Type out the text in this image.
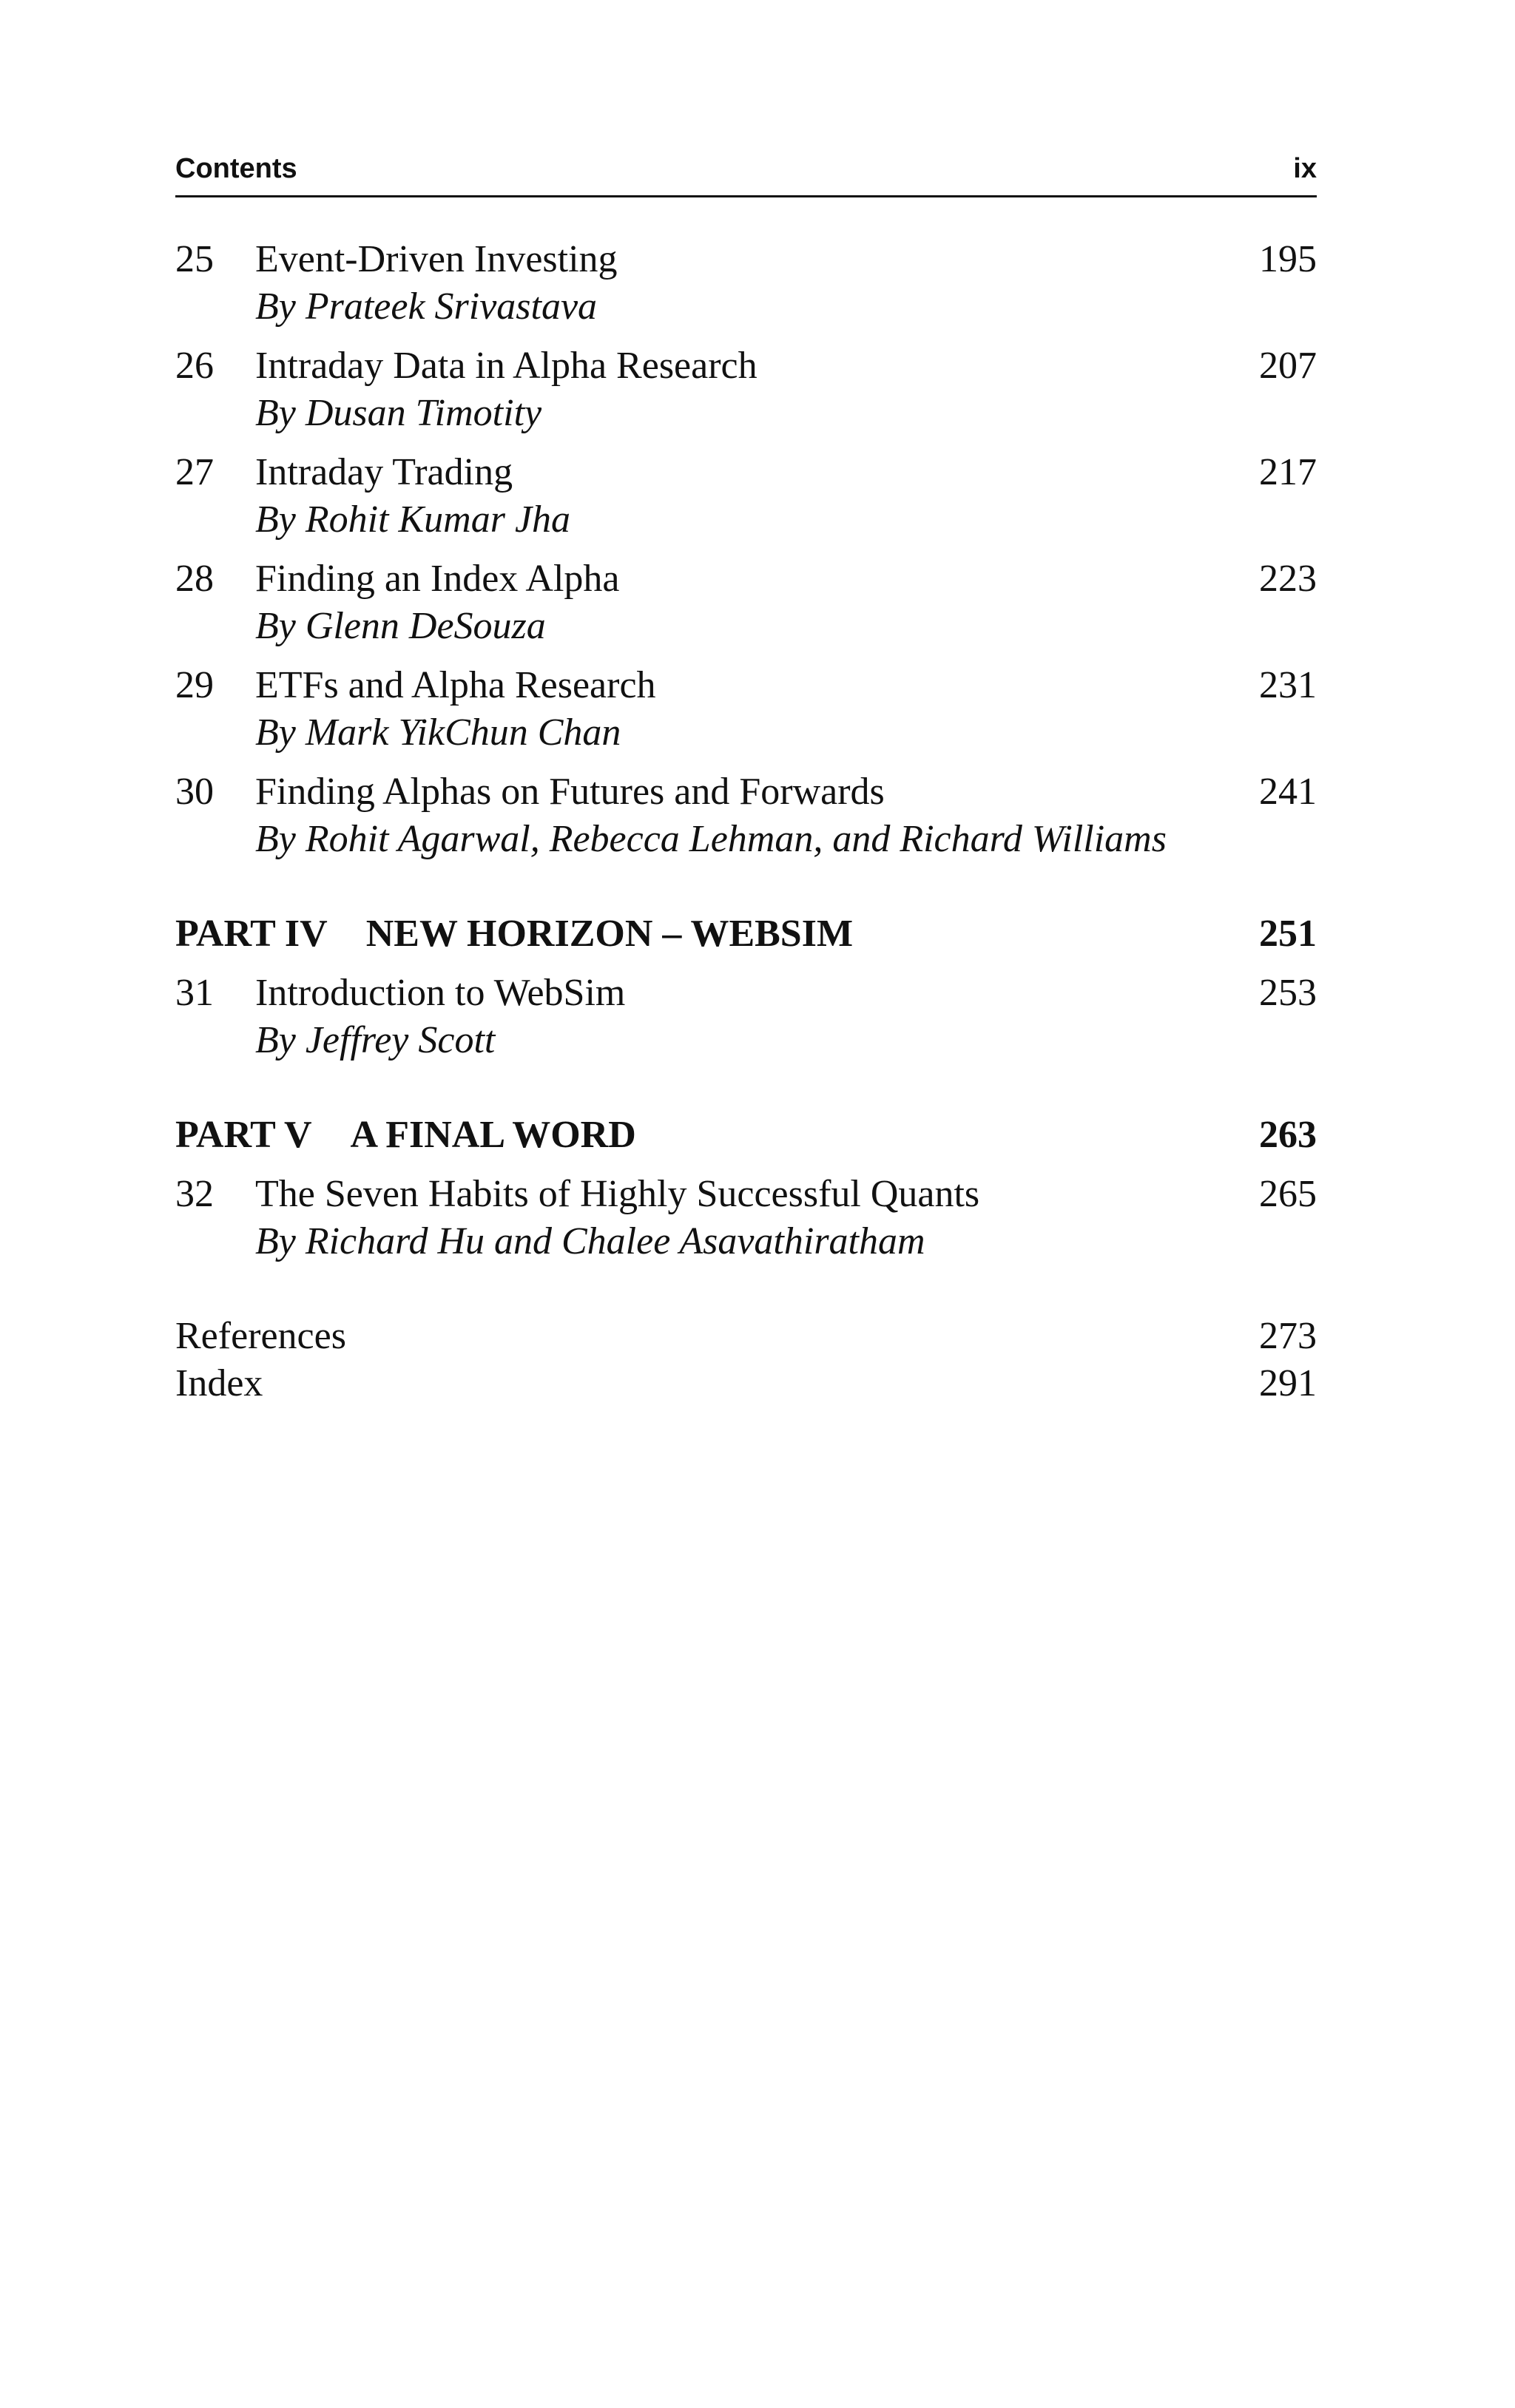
Contents	ix
25	Event-Driven Investing	195
By Prateek Srivastava
26	Intraday Data in Alpha Research	207
By Dusan Timotity
27	Intraday Trading	217
By Rohit Kumar Jha
28	Finding an Index Alpha	223
By Glenn DeSouza
29	ETFs and Alpha Research	231
By Mark YikChun Chan
30	Finding Alphas on Futures and Forwards	241
By Rohit Agarwal, Rebecca Lehman, and Richard Williams
PART IV NEW HORIZON – WEBSIM	251
31	Introduction to WebSim	253
By Jeffrey Scott
PART V A FINAL WORD	263
32	The Seven Habits of Highly Successful Quants	265
By Richard Hu and Chalee Asavathiratham
References	273
Index	291
